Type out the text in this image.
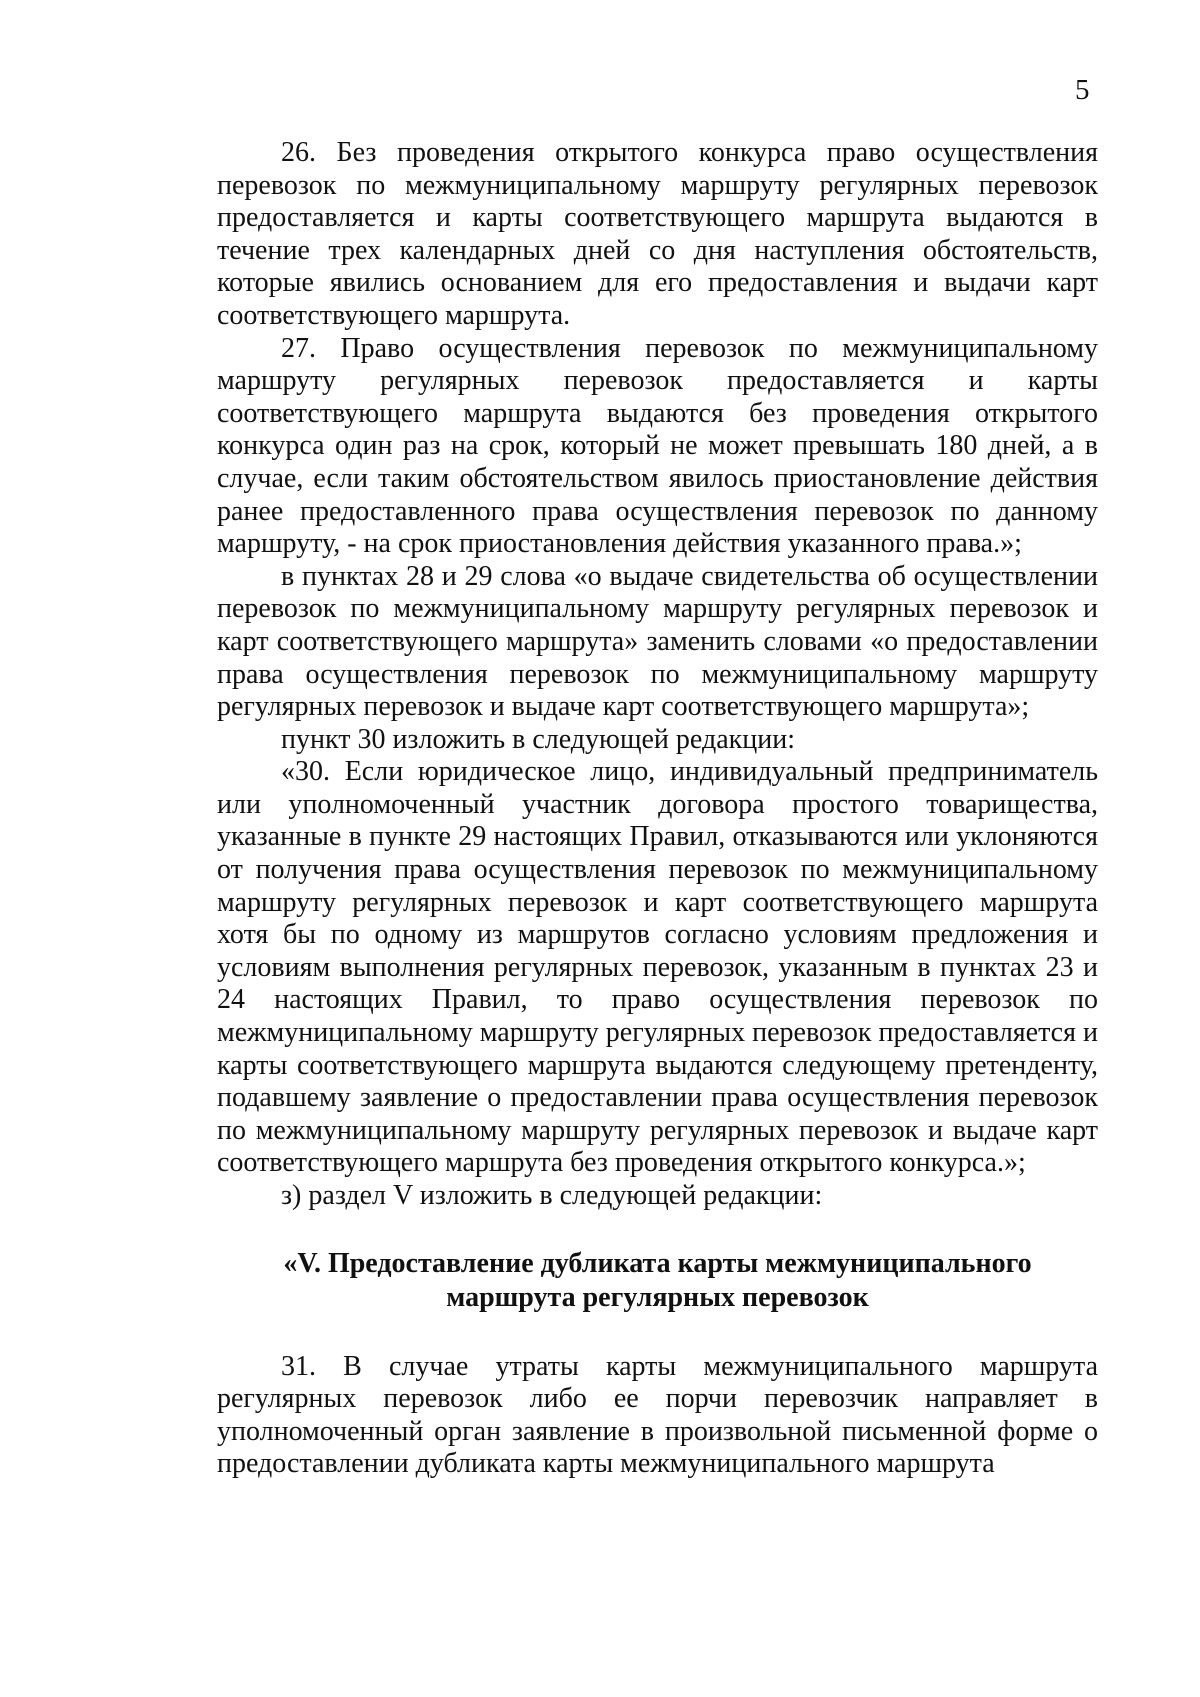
5

26. Без проведения открытого конкурса право осуществления перевозок по межмуниципальному маршруту регулярных перевозок предоставляется и карты соответствующего маршрута выдаются в течение трех календарных дней со дня наступления обстоятельств, которые явились основанием для его предоставления и выдачи карт соответствующего маршрута.

27. Право осуществления перевозок по межмуниципальному маршруту регулярных перевозок предоставляется и карты соответствующего маршрута выдаются без проведения открытого конкурса один раз на срок, который не может превышать 180 дней, а в случае, если таким обстоятельством явилось приостановление действия ранее предоставленного права осуществления перевозок по данному маршруту, - на срок приостановления действия указанного права.»;

в пунктах 28 и 29 слова «о выдаче свидетельства об осуществлении перевозок по межмуниципальному маршруту регулярных перевозок и карт соответствующего маршрута» заменить словами «о предоставлении права осуществления перевозок по межмуниципальному маршруту регулярных перевозок и выдаче карт соответствующего маршрута»;

пункт 30 изложить в следующей редакции:

«30. Если юридическое лицо, индивидуальный предприниматель или уполномоченный участник договора простого товарищества, указанные в пункте 29 настоящих Правил, отказываются или уклоняются от получения права осуществления перевозок по межмуниципальному маршруту регулярных перевозок и карт соответствующего маршрута хотя бы по одному из маршрутов согласно условиям предложения и условиям выполнения регулярных перевозок, указанным в пунктах 23 и 24 настоящих Правил, то право осуществления перевозок по межмуниципальному маршруту регулярных перевозок предоставляется и карты соответствующего маршрута выдаются следующему претенденту, подавшему заявление о предоставлении права осуществления перевозок по межмуниципальному маршруту регулярных перевозок и выдаче карт соответствующего маршрута без проведения открытого конкурса.»;

з) раздел V изложить в следующей редакции:

«V. Предоставление дубликата карты межмуниципального
маршрута регулярных перевозок

31. В случае утраты карты межмуниципального маршрута регулярных перевозок либо ее порчи перевозчик направляет в уполномоченный орган заявление в произвольной письменной форме о предоставлении дубликата карты межмуниципального маршрута
